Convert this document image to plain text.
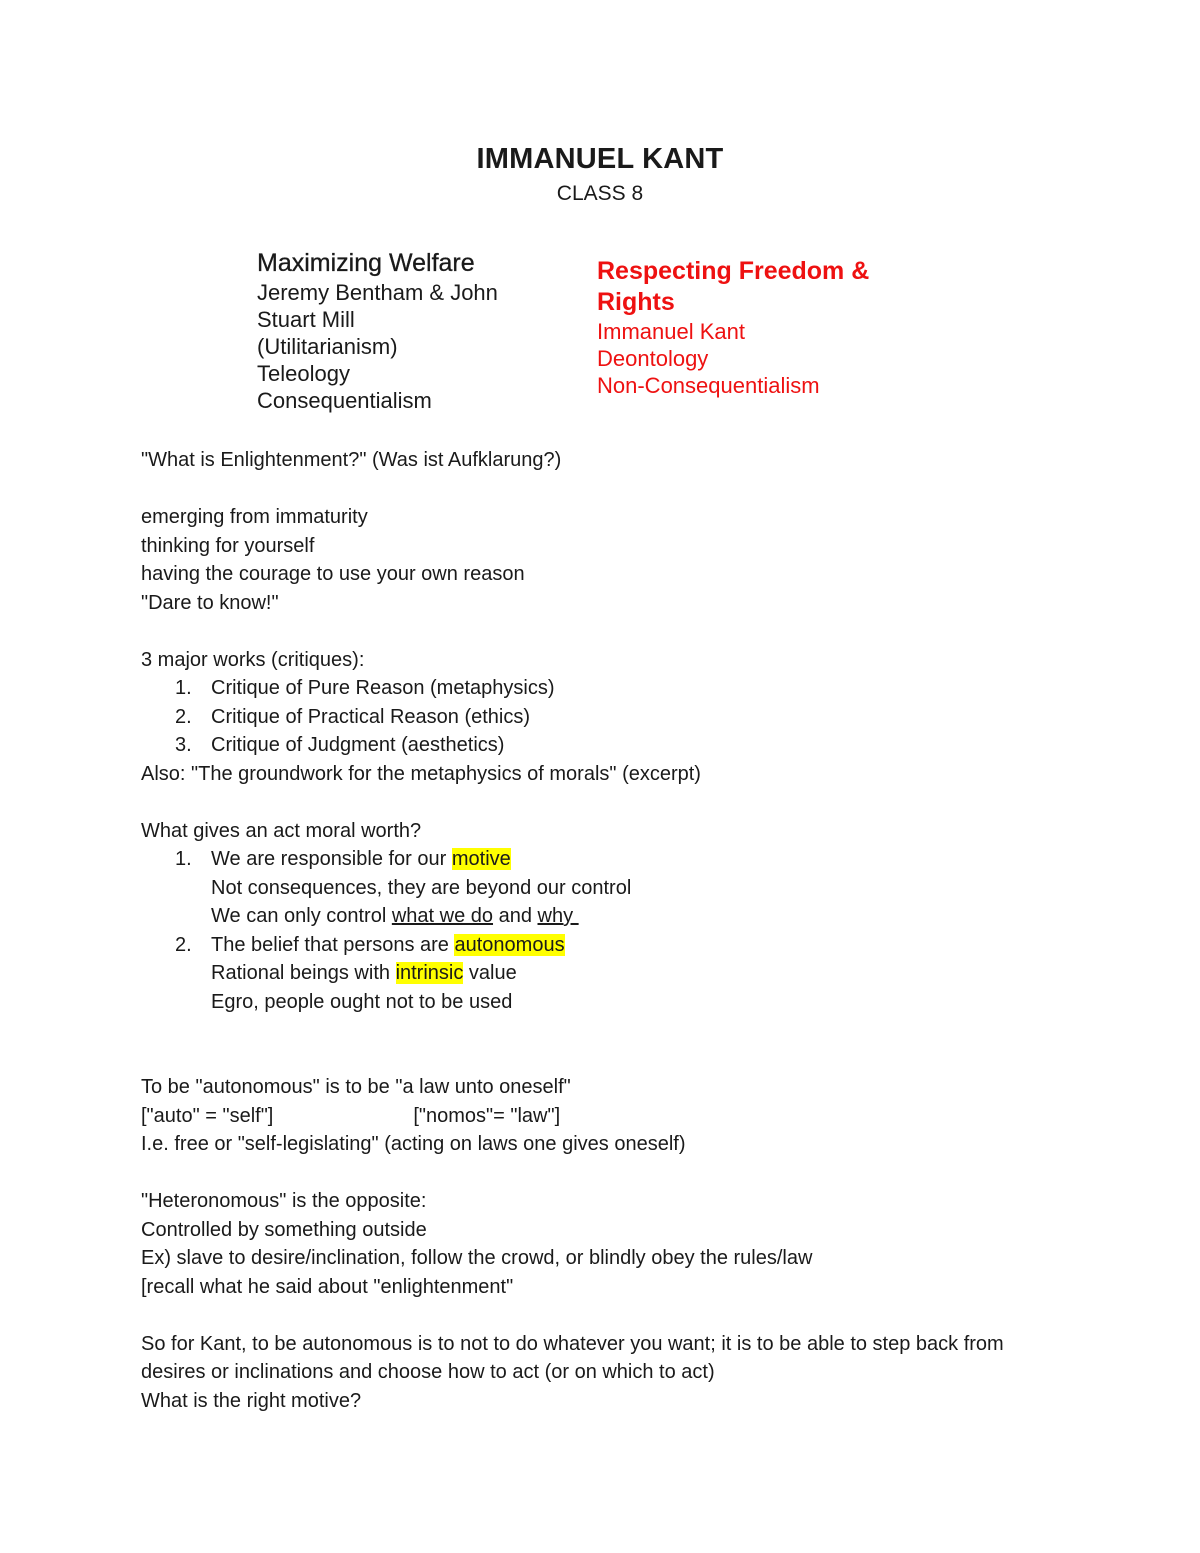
IMMANUEL KANT
CLASS 8
Maximizing Welfare
Jeremy Bentham & John
Stuart Mill
(Utilitarianism)
Teleology
Consequentialism
Respecting Freedom &
Rights
Immanuel Kant
Deontology
Non-Consequentialism
"What is Enlightenment?" (Was ist Aufklarung?)
emerging from immaturity
thinking for yourself
having the courage to use your own reason
"Dare to know!"
3 major works (critiques):
1. Critique of Pure Reason (metaphysics)
2. Critique of Practical Reason (ethics)
3. Critique of Judgment (aesthetics)
Also: "The groundwork for the metaphysics of morals" (excerpt)
What gives an act moral worth?
1. We are responsible for our motive
Not consequences, they are beyond our control
We can only control what we do and why
2. The belief that persons are autonomous
Rational beings with intrinsic value
Egro, people ought not to be used
To be "autonomous" is to be "a law unto oneself"
["auto" = "self"]	["nomos"= "law"]
I.e. free or "self-legislating" (acting on laws one gives oneself)
"Heteronomous" is the opposite:
Controlled by something outside
Ex) slave to desire/inclination, follow the crowd, or blindly obey the rules/law
[recall what he said about "enlightenment"
So for Kant, to be autonomous is to not to do whatever you want; it is to be able to step back from desires or inclinations and choose how to act (or on which to act)
What is the right motive?
